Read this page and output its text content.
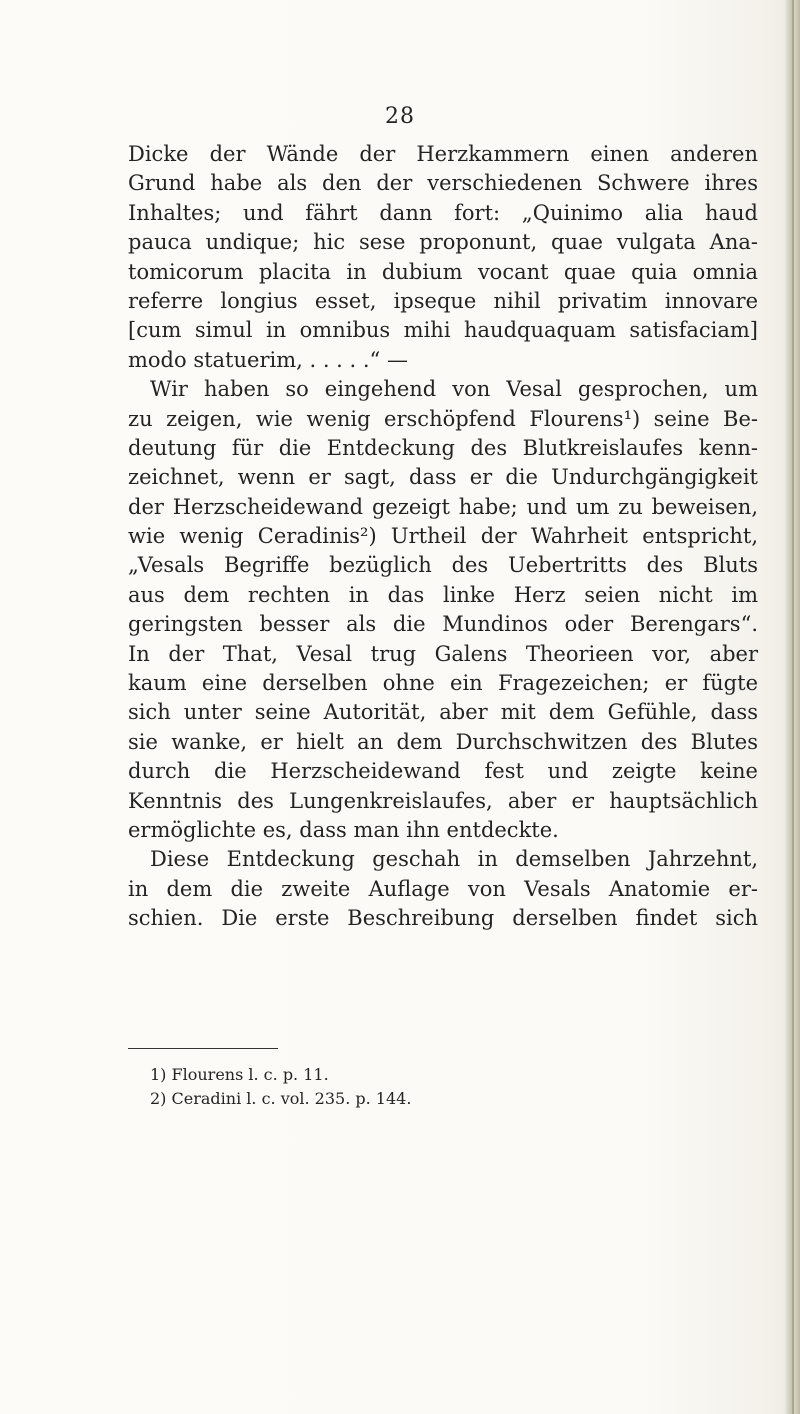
28
Dicke der Wände der Herzkammern einen anderen
Grund habe als den der verschiedenen Schwere ihres
Inhaltes; und fährt dann fort: „Quinimo alia haud
pauca undique; hic sese proponunt, quae vulgata Ana-
tomicorum placita in dubium vocant quae quia omnia
referre longius esset, ipseque nihil privatim innovare
[cum simul in omnibus mihi haudquaquam satisfaciam]
modo statuerim, . . . . .“ —
Wir haben so eingehend von Vesal gesprochen, um
zu zeigen, wie wenig erschöpfend Flourens¹) seine Be-
deutung für die Entdeckung des Blutkreislaufes kenn-
zeichnet, wenn er sagt, dass er die Undurchgängigkeit
der Herzscheidewand gezeigt habe; und um zu beweisen,
wie wenig Ceradinis²) Urtheil der Wahrheit entspricht,
„Vesals Begriffe bezüglich des Uebertritts des Bluts
aus dem rechten in das linke Herz seien nicht im
geringsten besser als die Mundinos oder Berengars“.
In der That, Vesal trug Galens Theorieen vor, aber
kaum eine derselben ohne ein Fragezeichen; er fügte
sich unter seine Autorität, aber mit dem Gefühle, dass
sie wanke, er hielt an dem Durchschwitzen des Blutes
durch die Herzscheidewand fest und zeigte keine
Kenntnis des Lungenkreislaufes, aber er hauptsächlich
ermöglichte es, dass man ihn entdeckte.
Diese Entdeckung geschah in demselben Jahrzehnt,
in dem die zweite Auflage von Vesals Anatomie er-
schien. Die erste Beschreibung derselben findet sich
1) Flourens l. c. p. 11.
2) Ceradini l. c. vol. 235. p. 144.
